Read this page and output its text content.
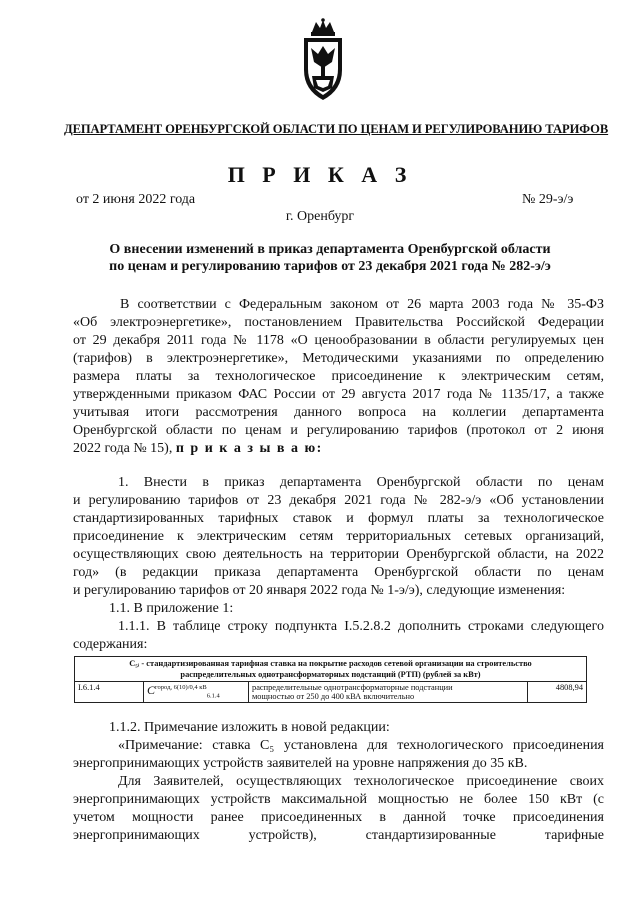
ДЕПАРТАМЕНТ ОРЕНБУРГСКОЙ ОБЛАСТИ ПО ЦЕНАМ И РЕГУЛИРОВАНИЮ ТАРИФОВ
П Р И К А З
от 2 июня 2022 года	№ 29-э/э
г. Оренбург
О внесении изменений в приказ департамента Оренбургской области
по ценам и регулированию тарифов от 23 декабря 2021 года № 282-э/э
В соответствии с Федеральным законом от 26 марта 2003 года № 35-ФЗ
«Об электроэнергетике», постановлением Правительства Российской Федерации
от 29 декабря 2011 года № 1178 «О ценообразовании в области регулируемых цен
(тарифов) в электроэнергетике», Методическими указаниями по определению
размера платы за технологическое присоединение к электрическим сетям,
утвержденными приказом ФАС России от 29 августа 2017 года № 1135/17, а также
учитывая итоги рассмотрения данного вопроса на коллегии департамента
Оренбургской области по ценам и регулированию тарифов (протокол от 2 июня
2022 года № 15), п р и к а з ы в а ю:
1. Внести в приказ департамента Оренбургской области по ценам
и регулированию тарифов от 23 декабря 2021 года № 282-э/э «Об установлении
стандартизированных тарифных ставок и формул платы за технологическое
присоединение к электрическим сетям территориальных сетевых организаций,
осуществляющих свою деятельность на территории Оренбургской области, на 2022
год» (в редакции приказа департамента Оренбургской области по ценам
и регулированию тарифов от 20 января 2022 года № 1-э/э), следующие изменения:
1.1. В приложение 1:
1.1.1. В таблице строку подпункта I.5.2.8.2 дополнить строками следующего
содержания:
C₅ᵢ - стандартизированная тарифная ставка на покрытие расходов сетевой организации на строительство
распределительных однотрансформаторных подстанций (РТП) (рублей за кВт)

I.6.1.4	$C^{город, 6(10)/0,4 кВ}_{6.1.4}$	
распределительные однотрансформаторные подстанции
мощностью от 250 до 400 кВА включительно
	4808,94
1.1.2. Примечание изложить в новой редакции:
«Примечание: ставка C₅ установлена для технологического присоединения
энергопринимающих устройств заявителей на уровне напряжения до 35 кВ.
Для Заявителей, осуществляющих технологическое присоединение своих
энергопринимающих устройств максимальной мощностью не более 150 кВт (с
учетом мощности ранее присоединенных в данной точке присоединения
энергопринимающих устройств), стандартизированные тарифные
